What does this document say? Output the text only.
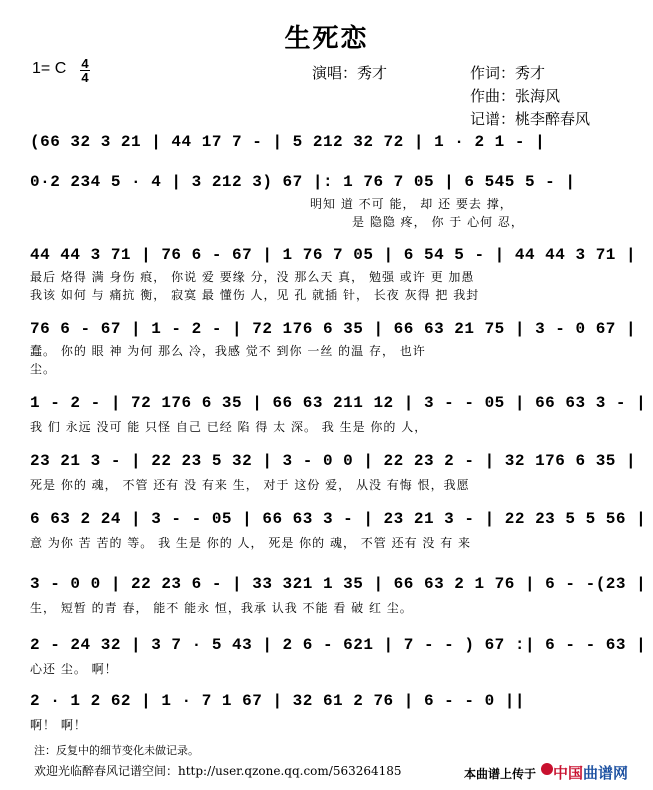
生死恋
1= C 4
4	演唱：秀才	作词：秀才
作曲：张海风
记谱：桃李醉春风
(66 32 3 21 | 44 17 7 - | 5 212 32 72 | 1 · 2 1 - |
0·2 234 5 · 4 | 3 212 3) 67 |: 1 76 7 05 | 6 545 5 - |
明知 道 不可 能， 却 还 要去 撑，
是 隐隐 疼， 你 于 心何 忍，
44 44 3 71 | 76 6 - 67 | 1 76 7 05 | 6 54 5 - | 44 44 3 71 |
最后 烙得 满 身伤 痕， 你说 爱 要缘 分，没 那么天 真， 勉强 或许 更 加愚
我该 如何 与 痛抗 衡， 寂寞 最 懂伤 人，见 孔 就插 针， 长夜 灰得 把 我封
76 6 - 67 | 1 - 2 - | 72 176 6 35 | 66 63 21 75 | 3 - 0 67 |
蠢。 你的 眼 神 为何 那么 冷，我感 觉不 到你 一丝 的温 存， 也许
尘。
1 - 2 - | 72 176 6 35 | 66 63 211 12 | 3 - - 05 | 66 63 3 - |
我 们 永远 没可 能 只怪 自己 已经 陷 得 太 深。 我 生是 你的 人，
23 21 3 - | 22 23 5 32 | 3 - 0 0 | 22 23 2 - | 32 176 6 35 |
死是 你的 魂， 不管 还有 没 有来 生， 对于 这份 爱， 从没 有悔 恨，我愿
6 63 2 24 | 3 - - 05 | 66 63 3 - | 23 21 3 - | 22 23 5 5 56 |
意 为你 苦 苦的 等。 我 生是 你的 人， 死是 你的 魂， 不管 还有 没 有 来
3 - 0 0 | 22 23 6 - | 33 321 1 35 | 66 63 2 1 76 | 6 - -(23 |
生， 短暂 的青 春， 能不 能永 恒，我承 认我 不能 看 破 红 尘。
2 - 24 32 | 3 7 · 5 43 | 2 6 - 621 | 7 - - ) 67 :| 6 - - 63 |
心还 尘。 啊！
2 · 1 2 62 | 1 · 7 1 67 | 32 61 2 76 | 6 - - 0 ||
啊！ 啊！
注：反复中的细节变化未做记录。
欢迎光临醉春风记谱空间：http://user.qzone.qq.com/563264185	本曲谱上传于 中国曲谱网
